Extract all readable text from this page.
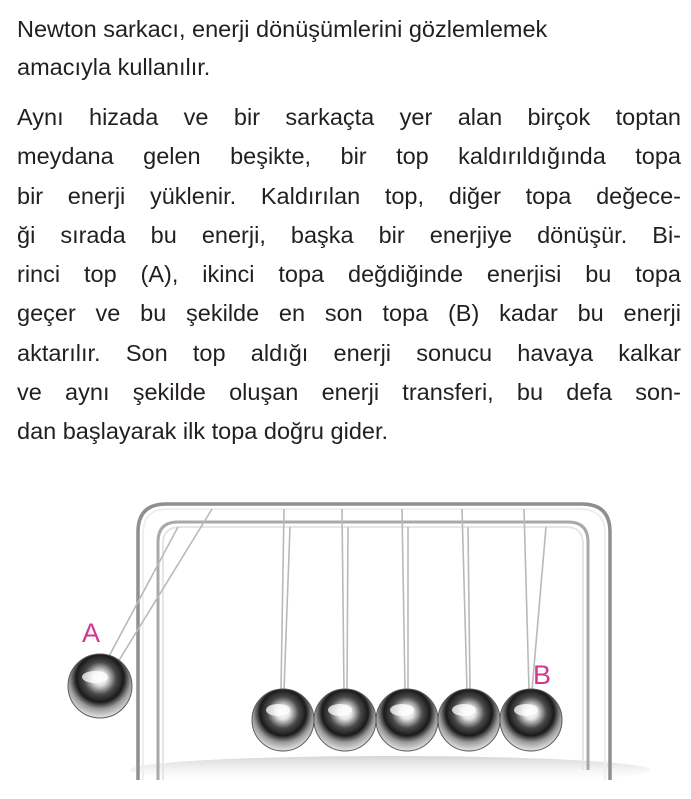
Newton sarkacı, enerji dönüşümlerini gözlemlemek
amacıyla kullanılır.
Aynı hizada ve bir sarkaçta yer alan birçok toptan
meydana gelen beşikte, bir top kaldırıldığında topa
bir enerji yüklenir. Kaldırılan top, diğer topa değece-
ği sırada bu enerji, başka bir enerjiye dönüşür. Bi-
rinci top (A), ikinci topa değdiğinde enerjisi bu topa
geçer ve bu şekilde en son topa (B) kadar bu enerji
aktarılır. Son top aldığı enerji sonucu havaya kalkar
ve aynı şekilde oluşan enerji transferi, bu defa son-
dan başlayarak ilk topa doğru gider.
A
B
